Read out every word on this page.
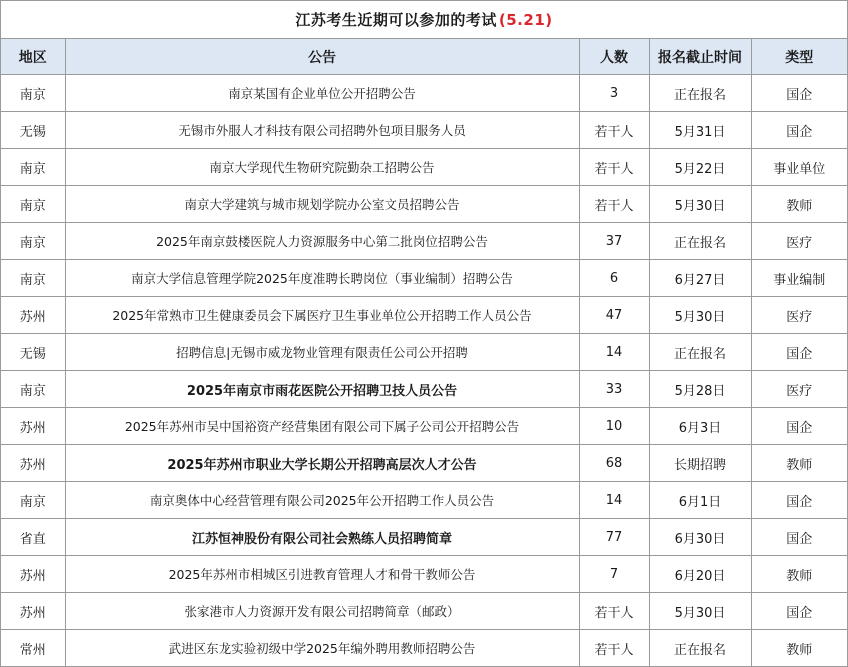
江苏考生近期可以参加的考试 (5.21)
地区	公告	人数	报名截止时间	类型
南京	南京某国有企业单位公开招聘公告	3	正在报名	国企
无锡	无锡市外服人才科技有限公司招聘外包项目服务人员	若干人	5月31日	国企
南京	南京大学现代生物研究院勤杂工招聘公告	若干人	5月22日	事业单位
南京	南京大学建筑与城市规划学院办公室文员招聘公告	若干人	5月30日	教师
南京	2025年南京鼓楼医院人力资源服务中心第二批岗位招聘公告	37	正在报名	医疗
南京	南京大学信息管理学院2025年度准聘长聘岗位（事业编制）招聘公告	6	6月27日	事业编制
苏州	2025年常熟市卫生健康委员会下属医疗卫生事业单位公开招聘工作人员公告	47	5月30日	医疗
无锡	招聘信息|无锡市威龙物业管理有限责任公司公开招聘	14	正在报名	国企
南京	2025年南京市雨花医院公开招聘卫技人员公告	33	5月28日	医疗
苏州	2025年苏州市吴中国裕资产经营集团有限公司下属子公司公开招聘公告	10	6月3日	国企
苏州	2025年苏州市职业大学长期公开招聘高层次人才公告	68	长期招聘	教师
南京	南京奥体中心经营管理有限公司2025年公开招聘工作人员公告	14	6月1日	国企
省直	江苏恒神股份有限公司社会熟练人员招聘简章	77	6月30日	国企
苏州	2025年苏州市相城区引进教育管理人才和骨干教师公告	7	6月20日	教师
苏州	张家港市人力资源开发有限公司招聘简章（邮政）	若干人	5月30日	国企
常州	武进区东龙实验初级中学2025年编外聘用教师招聘公告	若干人	正在报名	教师
